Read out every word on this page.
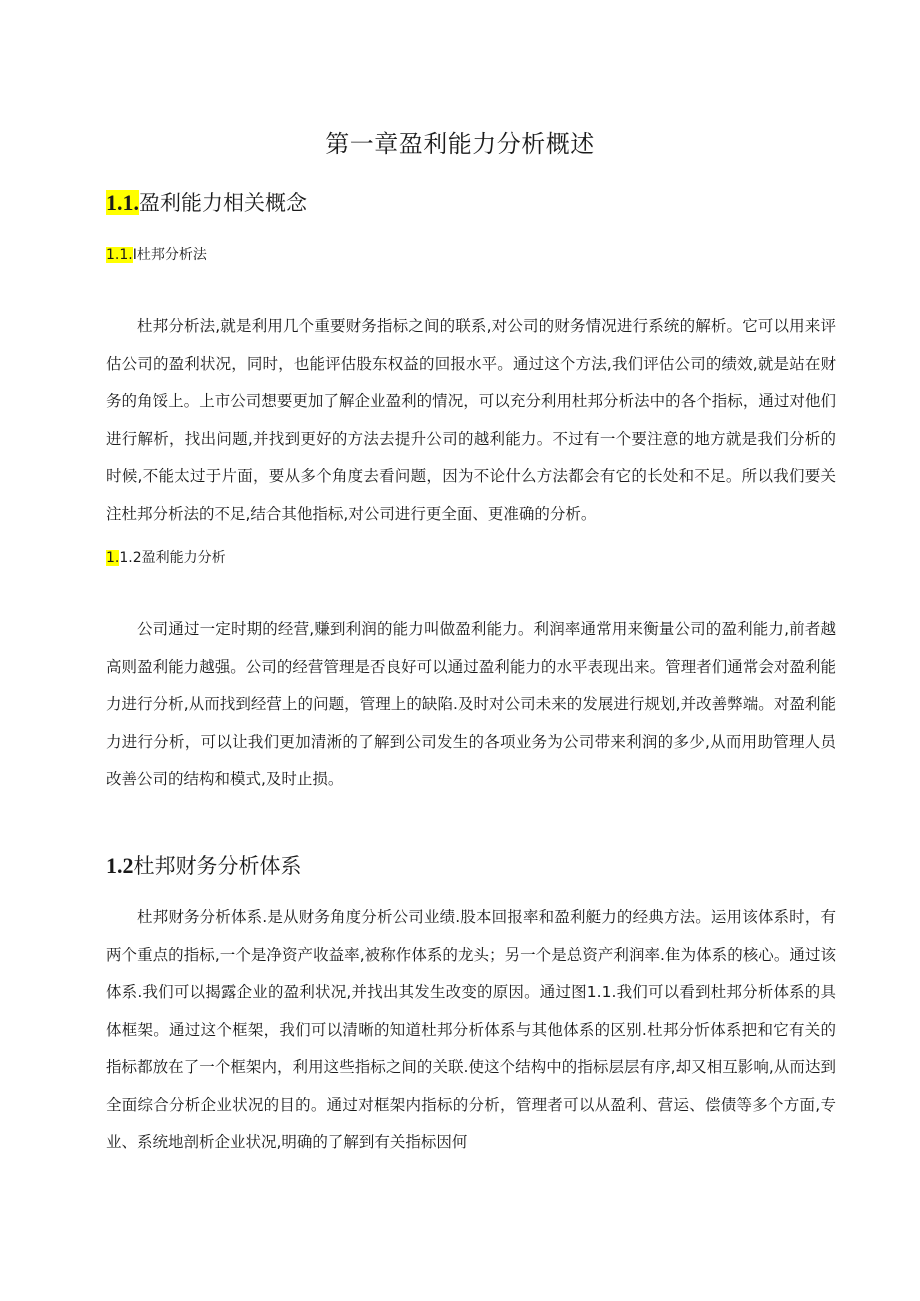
第一章盈利能力分析概述
1.1.盈利能力相关概念
1.1.I杜邦分析法

杜邦分析法,就是利用几个重要财务指标之间的联系,对公司的财务情况进行系统的解析。它可以用来评估公司的盈利状况，同时，也能评估股东权益的回报水平。通过这个方法,我们评估公司的绩效,就是站在财务的角馁上。上市公司想要更加了解企业盈利的情况，可以充分利用杜邦分析法中的各个指标，通过对他们进行解析，找出问题,并找到更好的方法去提升公司的越利能力。不过有一个要注意的地方就是我们分析的时候,不能太过于片面，要从多个角度去看问题，因为不论什么方法都会有它的长处和不足。所以我们要关注杜邦分析法的不足,结合其他指标,对公司进行更全面、更准确的分析。

1.1.2盈利能力分析

公司通过一定时期的经营,赚到利润的能力叫做盈利能力。利润率通常用来衡量公司的盈利能力,前者越高则盈利能力越强。公司的经营管理是否良好可以通过盈利能力的水平表现出来。管理者们通常会对盈利能力进行分析,从而找到经营上的问题，管理上的缺陷.及时对公司未来的发展进行规划,并改善弊端。对盈利能力进行分析，可以让我们更加清淅的了解到公司发生的各项业务为公司带来利润的多少,从而用助管理人员改善公司的结构和模式,及时止损。

1.2杜邦财务分析体系

杜邦财务分析体系.是从财务角度分析公司业绩.股本回报率和盈利艇力的经典方法。运用该体系时，有两个重点的指标,一个是净资产收益率,被称作体系的龙头；另一个是总资产利润率.隹为体系的核心。通过该体系.我们可以揭露企业的盈利状况,并找出其发生改变的原因。通过图1.1.我们可以看到杜邦分析体系的具体框架。通过这个框架，我们可以清晰的知道杜邦分析体系与其他体系的区别.杜邦分忻体系把和它有关的指标都放在了一个框架内，利用这些指标之间的关联.使这个结构中的指标层层有序,却又相互影响,从而达到全面综合分析企业状况的目的。通过对框架内指标的分析，管理者可以从盈利、营运、偿债等多个方面,专业、系统地剖析企业状况,明确的了解到有关指标因何
